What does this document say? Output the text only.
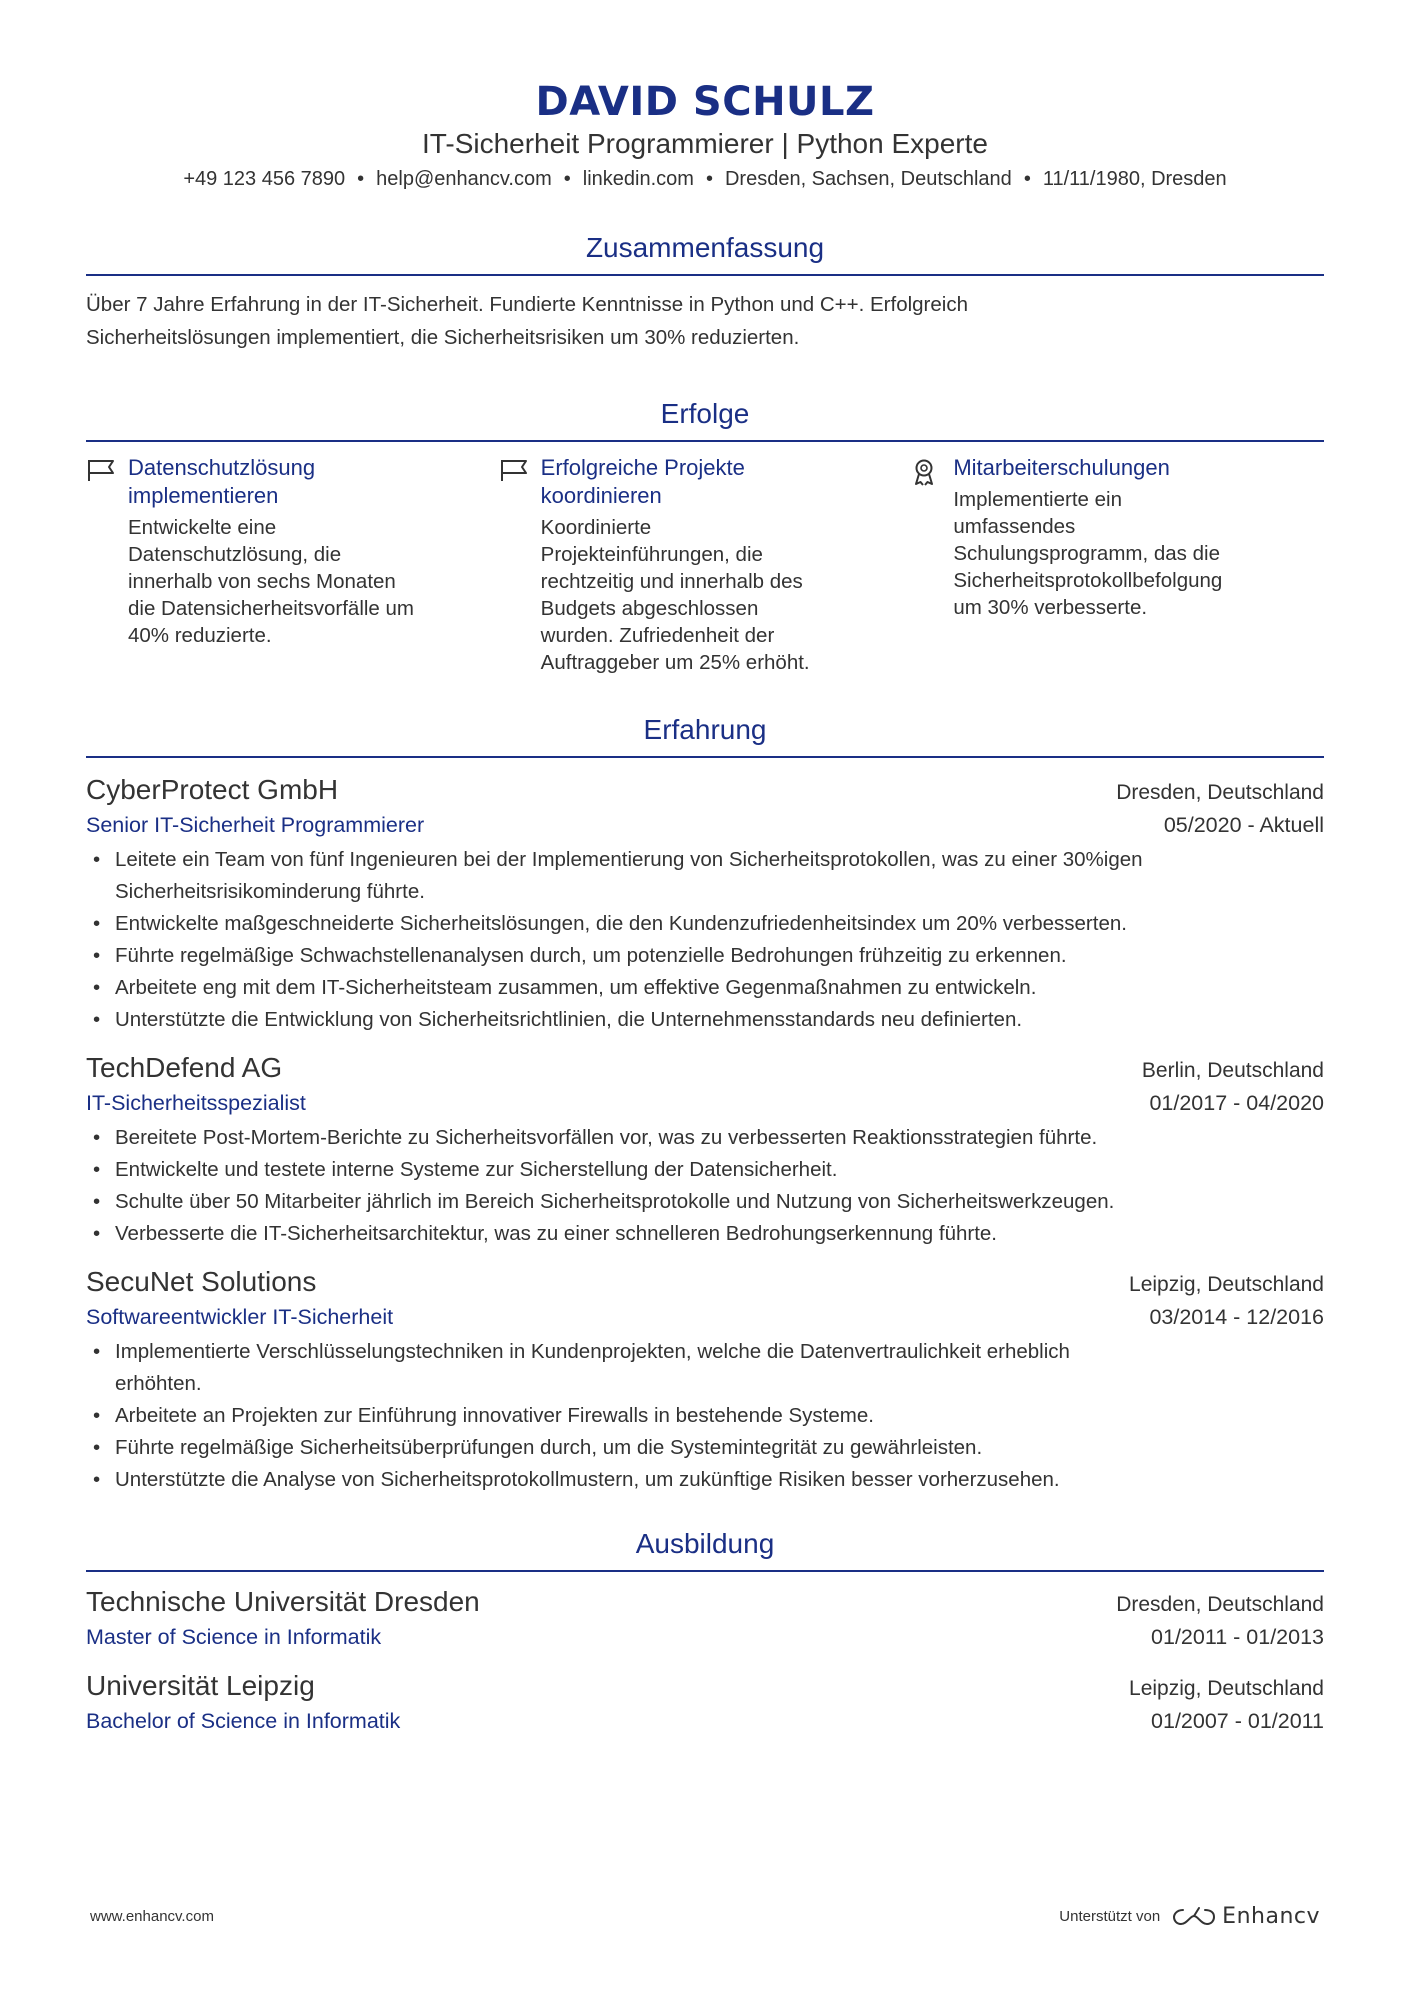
DAVID SCHULZ
IT-Sicherheit Programmierer | Python Experte
+49 123 456 7890 • help@enhancv.com • linkedin.com • Dresden, Sachsen, Deutschland • 11/11/1980, Dresden
Zusammenfassung
Über 7 Jahre Erfahrung in der IT-Sicherheit. Fundierte Kenntnisse in Python und C++. Erfolgreich
Sicherheitslösungen implementiert, die Sicherheitsrisiken um 30% reduzierten.
Erfolge
Datenschutzlösung
implementieren
Entwickelte eine
Datenschutzlösung, die
innerhalb von sechs Monaten
die Datensicherheitsvorfälle um
40% reduzierte.
Erfolgreiche Projekte
koordinieren
Koordinierte
Projekteinführungen, die
rechtzeitig und innerhalb des
Budgets abgeschlossen
wurden. Zufriedenheit der
Auftraggeber um 25% erhöht.
Mitarbeiterschulungen
Implementierte ein
umfassendes
Schulungsprogramm, das die
Sicherheitsprotokollbefolgung
um 30% verbesserte.
Erfahrung
CyberProtect GmbH	Dresden, Deutschland
Senior IT-Sicherheit Programmierer	05/2020 - Aktuell
• Leitete ein Team von fünf Ingenieuren bei der Implementierung von Sicherheitsprotokollen, was zu einer 30%igen
Sicherheitsrisikominderung führte.
• Entwickelte maßgeschneiderte Sicherheitslösungen, die den Kundenzufriedenheitsindex um 20% verbesserten.
• Führte regelmäßige Schwachstellenanalysen durch, um potenzielle Bedrohungen frühzeitig zu erkennen.
• Arbeitete eng mit dem IT-Sicherheitsteam zusammen, um effektive Gegenmaßnahmen zu entwickeln.
• Unterstützte die Entwicklung von Sicherheitsrichtlinien, die Unternehmensstandards neu definierten.
TechDefend AG	Berlin, Deutschland
IT-Sicherheitsspezialist	01/2017 - 04/2020
• Bereitete Post-Mortem-Berichte zu Sicherheitsvorfällen vor, was zu verbesserten Reaktionsstrategien führte.
• Entwickelte und testete interne Systeme zur Sicherstellung der Datensicherheit.
• Schulte über 50 Mitarbeiter jährlich im Bereich Sicherheitsprotokolle und Nutzung von Sicherheitswerkzeugen.
• Verbesserte die IT-Sicherheitsarchitektur, was zu einer schnelleren Bedrohungserkennung führte.
SecuNet Solutions	Leipzig, Deutschland
Softwareentwickler IT-Sicherheit	03/2014 - 12/2016
• Implementierte Verschlüsselungstechniken in Kundenprojekten, welche die Datenvertraulichkeit erheblich
erhöhten.
• Arbeitete an Projekten zur Einführung innovativer Firewalls in bestehende Systeme.
• Führte regelmäßige Sicherheitsüberprüfungen durch, um die Systemintegrität zu gewährleisten.
• Unterstützte die Analyse von Sicherheitsprotokollmustern, um zukünftige Risiken besser vorherzusehen.
Ausbildung
Technische Universität Dresden	Dresden, Deutschland
Master of Science in Informatik	01/2011 - 01/2013
Universität Leipzig	Leipzig, Deutschland
Bachelor of Science in Informatik	01/2007 - 01/2011
www.enhancv.com	Unterstützt von	Enhancv
